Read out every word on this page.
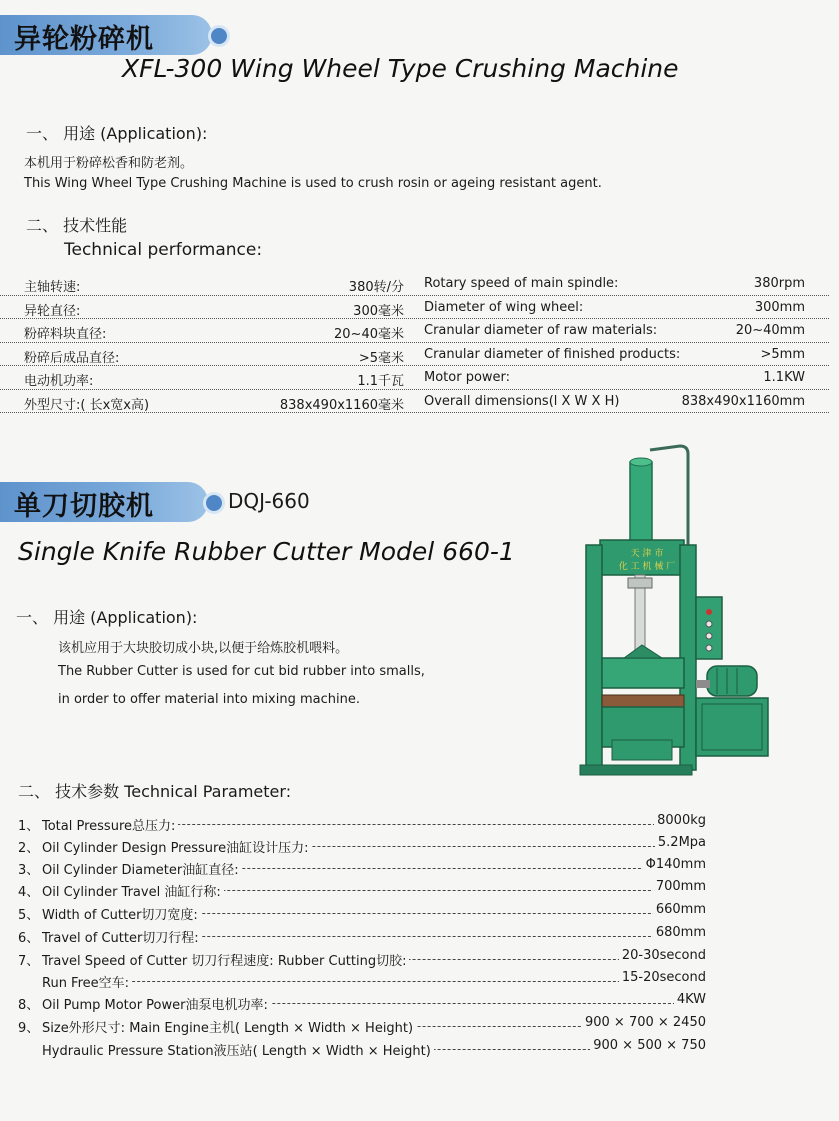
异轮粉碎机
XFL-300 Wing Wheel Type Crushing Machine
一、 用途 (Application):
本机用于粉碎松香和防老剂。
This Wing Wheel Type Crushing Machine is used to crush rosin or ageing resistant agent.
二、 技术性能
Technical performance:
主轴转速:	380转/分 Rotary speed of main spindle:	380rpm
异轮直径:	300毫米 Diameter of wing wheel:	300mm
粉碎料块直径:	20~40毫米 Cranular diameter of raw materials:	20~40mm
粉碎后成品直径:	>5毫米 Cranular diameter of finished products:	>5mm
电动机功率:	1.1千瓦 Motor power:	1.1KW
外型尺寸:( 长x宽x高)	838x490x1160毫米 Overall dimensions(l X W X H)	838x490x1160mm
单刀切胶机	DQJ-660
Single Knife Rubber Cutter Model 660-1
一、 用途 (Application):
该机应用于大块胶切成小块,以便于给炼胶机喂料。
The Rubber Cutter is used for cut bid rubber into smalls,
in order to offer material into mixing machine.
天 津 市
化 工 机 械 厂
二、 技术参数 Technical Parameter:
1、 Total Pressure总压力:	8000kg
2、 Oil Cylinder Design Pressure油缸设计压力:	5.2Mpa
3、 Oil Cylinder Diameter油缸直径:	Φ140mm
4、 Oil Cylinder Travel 油缸行称:	700mm
5、 Width of Cutter切刀宽度:	660mm
6、 Travel of Cutter切刀行程:	680mm
7、 Travel Speed of Cutter 切刀行程速度: Rubber Cutting切胶:	20-30second
Run Free空车:	15-20second
8、 Oil Pump Motor Power油泵电机功率:	4KW
9、 Size外形尺寸: Main Engine主机( Length × Width × Height)	900 × 700 × 2450
Hydraulic Pressure Station液压站( Length × Width × Height)	900 × 500 × 750
